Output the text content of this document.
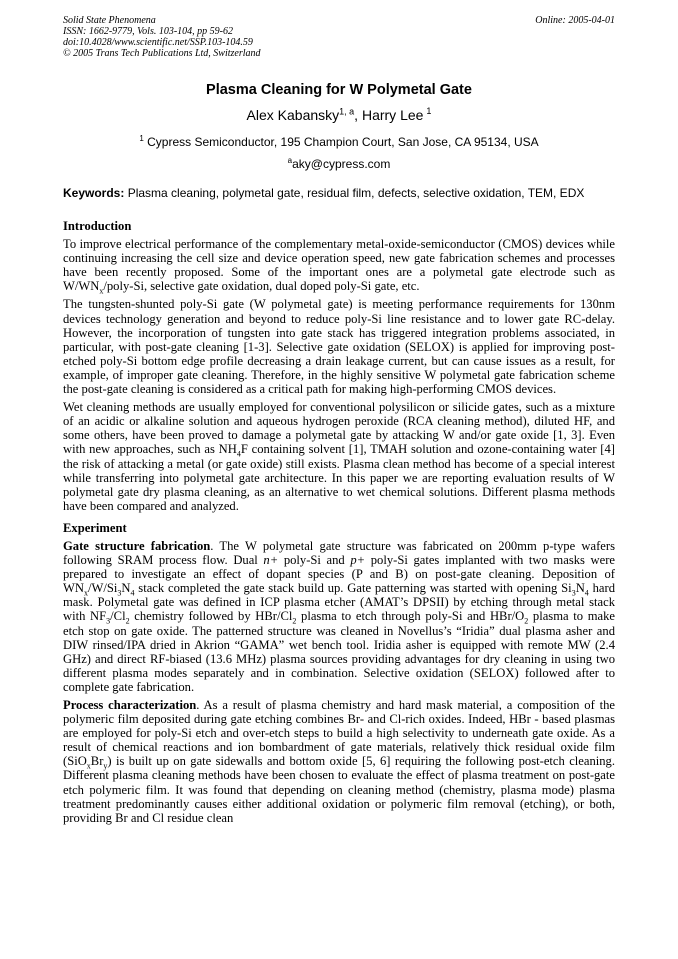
Solid State Phenomena
ISSN: 1662-9779, Vols. 103-104, pp 59-62
doi:10.4028/www.scientific.net/SSP.103-104.59
© 2005 Trans Tech Publications Ltd, Switzerland
Online: 2005-04-01
Plasma Cleaning for W Polymetal Gate
Alex Kabansky$^{1, a}$, Harry Lee $^1$
$^1$ Cypress Semiconductor, 195 Champion Court, San Jose, CA 95134, USA
$^a$aky@cypress.com
Keywords: Plasma cleaning, polymetal gate, residual film, defects, selective oxidation, TEM, EDX
Introduction

To improve electrical performance of the complementary metal-oxide-semiconductor (CMOS) devices while continuing increasing the cell size and device operation speed, new gate fabrication schemes and processes have been recently proposed. Some of the important ones are a polymetal gate electrode such as $W/WN_x/poly-Si$, selective gate oxidation, dual doped poly-Si gate, etc.

The tungsten-shunted poly-Si gate (W polymetal gate) is meeting performance requirements for 130nm devices technology generation and beyond to reduce poly-Si line resistance and to lower gate RC-delay. However, the incorporation of tungsten into gate stack has triggered integration problems associated, in particular, with post-gate cleaning [1-3]. Selective gate oxidation (SELOX) is applied for improving post-etched poly-Si bottom edge profile decreasing a drain leakage current, but can cause issues as a result, for example, of improper gate cleaning. Therefore, in the highly sensitive W polymetal gate fabrication scheme the post-gate cleaning is considered as a critical path for making high-performing CMOS devices.

Wet cleaning methods are usually employed for conventional polysilicon or silicide gates, such as a mixture of an acidic or alkaline solution and aqueous hydrogen peroxide (RCA cleaning method), diluted HF, and some others, have been proved to damage a polymetal gate by attacking W and/or gate oxide [1, 3]. Even with new approaches, such as $NH_4F$ containing solvent [1], TMAH solution and ozone-containing water [4] the risk of attacking a metal (or gate oxide) still exists. Plasma clean method has become of a special interest while transferring into polymetal gate architecture. In this paper we are reporting evaluation results of W polymetal gate dry plasma cleaning, as an alternative to wet chemical solutions. Different plasma methods have been compared and analyzed.

Experiment

Gate structure fabrication. The W polymetal gate structure was fabricated on 200mm p-type wafers following SRAM process flow. Dual n+ poly-Si and p+ poly-Si gates implanted with two masks were prepared to investigate an effect of dopant species (P and B) on post-gate cleaning. Deposition of $WN_x/W/Si_3N_4$ stack completed the gate stack build up. Gate patterning was started with opening $Si_3N_4$ hard mask. Polymetal gate was defined in ICP plasma etcher (AMAT’s DPSII) by etching through metal stack with $NF_3/Cl_2$ chemistry followed by HBr/$Cl_2$ plasma to etch through poly-Si and HBr/$O_2$ plasma to make etch stop on gate oxide. The patterned structure was cleaned in Novellus’s “Iridia” dual plasma asher and DIW rinsed/IPA dried in Akrion “GAMA” wet bench tool. Iridia asher is equipped with remote MW (2.4 GHz) and direct RF-biased (13.6 MHz) plasma sources providing advantages for dry cleaning in using two different plasma modes separately and in combination. Selective oxidation (SELOX) followed after to complete gate fabrication.

Process characterization. As a result of plasma chemistry and hard mask material, a composition of the polymeric film deposited during gate etching combines Br- and Cl-rich oxides. Indeed, HBr - based plasmas are employed for poly-Si etch and over-etch steps to build a high selectivity to underneath gate oxide. As a result of chemical reactions and ion bombardment of gate materials, relatively thick residual oxide film $(SiO_xBr_y)$ is built up on gate sidewalls and bottom oxide [5, 6] requiring the following post-etch cleaning. Different plasma cleaning methods have been chosen to evaluate the effect of plasma treatment on post-gate etch polymeric film. It was found that depending on cleaning method (chemistry, plasma mode) plasma treatment predominantly causes either additional oxidation or polymeric film removal (etching), or both, providing Br and Cl residue clean
